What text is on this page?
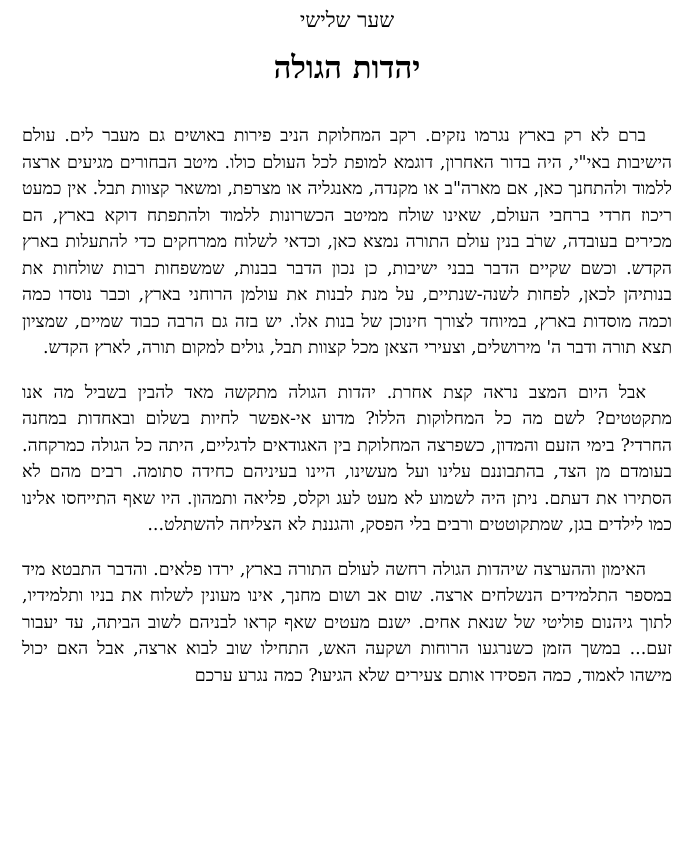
שער שלישי
יהדות הגולה

ברם לא רק בארץ נגרמו נזקים. רקב המחלוקת הניב פירות באושים גם מעבר לים. עולם הישיבות באי"י, היה בדור האחרון, דוגמא למופת לכל העולם כולו. מיטב הבחורים מגיעים ארצה ללמוד ולהתחנך כאן, אם מארה"ב או מקנדה, מאנגליה או מצרפת, ומשאר קצוות תבל. אין כמעט ריכוז חרדי ברחבי העולם, שאינו שולח ממיטב הכשרונות ללמוד ולהתפתח דוקא בארץ, הם מכירים בעובדה, שרֹב בנין עולם התורה נמצא כאן, וכדאי לשלוח ממרחקים כדי להתעלות בארץ הקדש. וכשם שקיים הדבר בבני ישיבות, כן נכון הדבר בבנות, שמשפחות רבות שולחות את בנותיהן לכאן, לפחות לשנה-שנתיים, על מנת לבנות את עולמן הרוחני בארץ, וכבר נוסדו כמה וכמה מוסדות בארץ, במיוחד לצורך חינוכן של בנות אלו. יש בזה גם הרבה כבוד שמיים, שמציון תצא תורה ודבר ה' מירושלים, וצעירי הצאן מכל קצוות תבל, גולים למקום תורה, לארץ הקדש.

אבל היום המצב נראה קצת אחרת. יהדות הגולה מתקשה מאד להבין בשביל מה אנו מתקטטים? לשם מה כל המחלוקות הללו? מדוע אי-אפשר לחיות בשלום ובאחדות במחנה החרדי? בימי הזעם והמדון, כשפרצה המחלוקת בין האגודאים לדגליים, היתה כל הגולה כמרקחה. בעומדם מן הצד, בהתבוננם עלינו ועל מעשינו, היינו בעיניהם כחידה סתומה. רבים מהם לא הסתירו את דעתם. ניתן היה לשמוע לא מעט לעג וקלס, פליאה ותמהון. היו שאף התייחסו אלינו כמו לילדים בגן, שמתקוטטים ורבים בלי הפסק, והגננת לא הצליחה להשתלט...

האימון וההערצה שיהדות הגולה רחשה לעולם התורה בארץ, ירדו פלאים. והדבר התבטא מיד במספר התלמידים הנשלחים ארצה. שום אב ושום מחנך, אינו מעונין לשלוח את בניו ותלמידיו, לתוך גיהנום פוליטי של שנאת אחים. ישנם מעטים שאף קראו לבניהם לשוב הביתה, עד יעבור זעם... במשך הזמן כשנרגעו הרוחות ושקעה האש, התחילו שוב לבוא ארצה, אבל האם יכול מישהו לאמוד, כמה הפסידו אותם צעירים שלא הגיעו? כמה נגרע ערכם
